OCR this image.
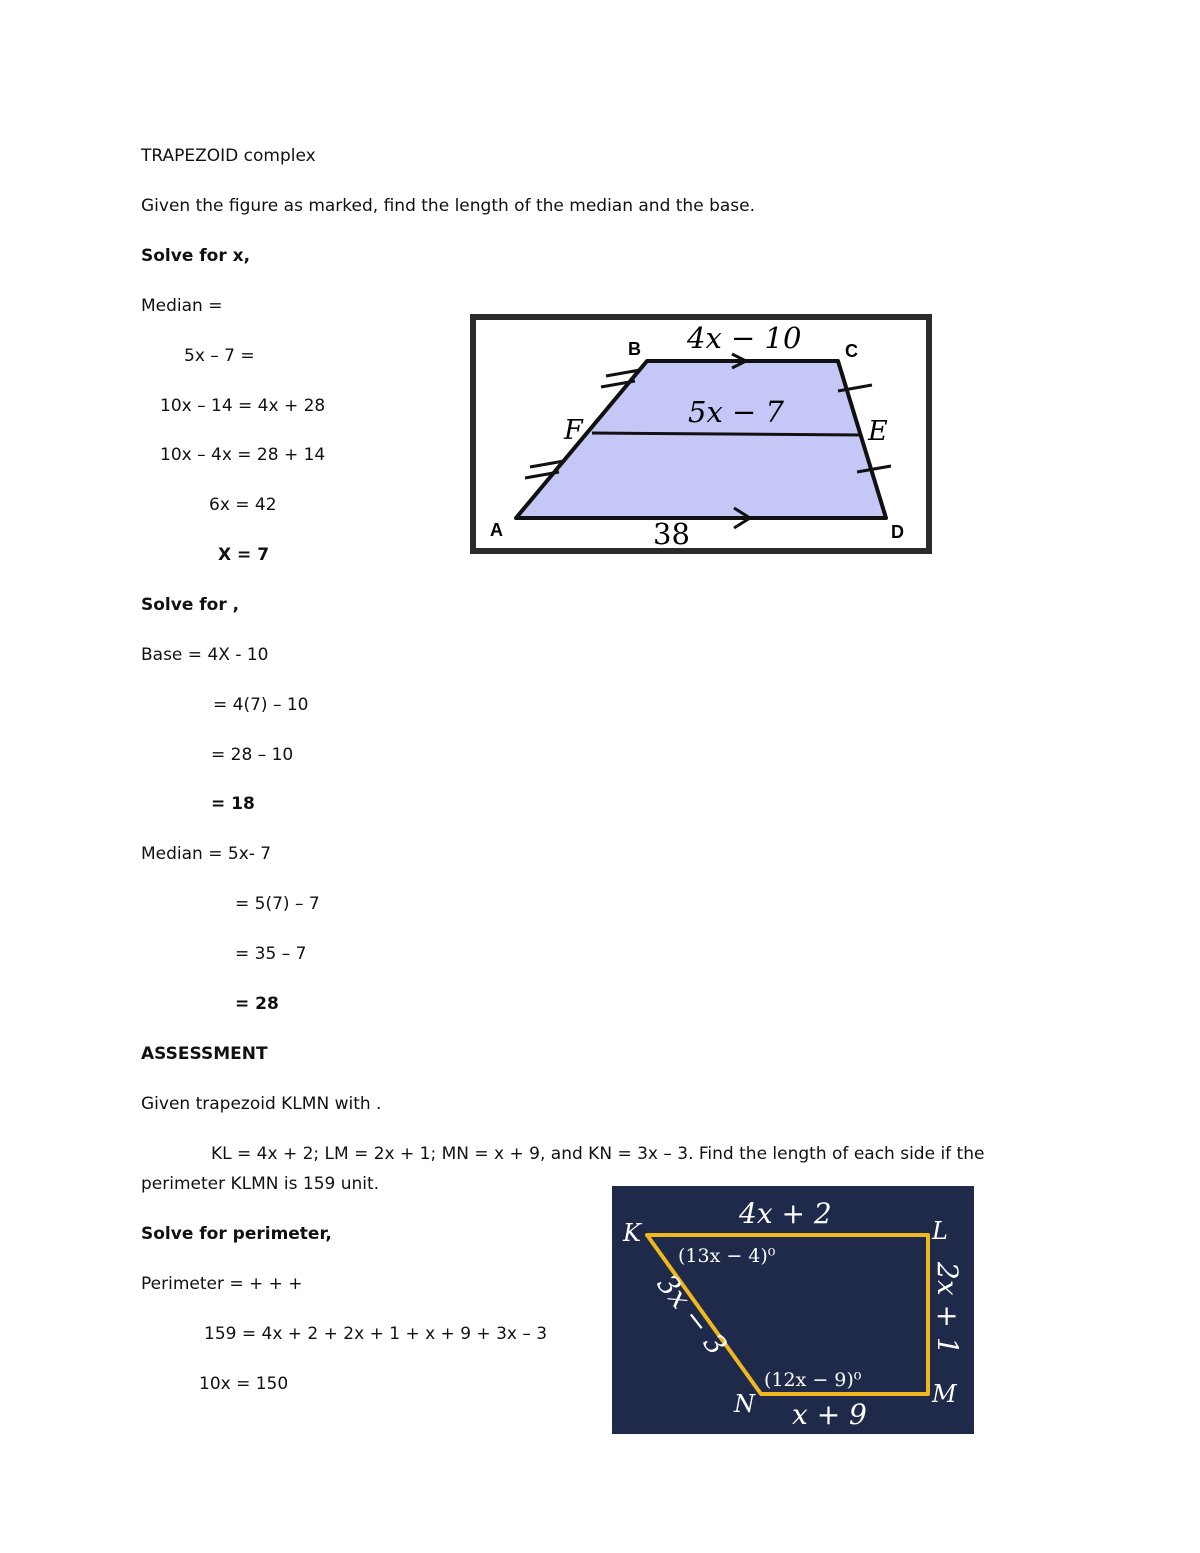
TRAPEZOID complex
Given the figure as marked, find the length of the median and the base.
Solve for x,
Median =
5x – 7 =
10x – 14 = 4x + 28
10x – 4x = 28 + 14
6x = 42
X = 7
Solve for ,
Base = 4X - 10
= 4(7) – 10
= 28 – 10
= 18
Median = 5x- 7
= 5(7) – 7
= 35 – 7
= 28
ASSESSMENT
Given trapezoid KLMN with .
KL = 4x + 2; LM = 2x + 1; MN = x + 9, and KN = 3x – 3. Find the length of each side if the
perimeter KLMN is 159 unit.
Solve for perimeter,
Perimeter = + + +
159 = 4x + 2 + 2x + 1 + x + 9 + 3x – 3
10x = 150
B	C
A	D
F	E
4x − 10
5x − 7
38
4x + 2
K	L
M
N
(13x − 4)⁰
(12x − 9)⁰
x + 9
2x + 1
3x − 3
